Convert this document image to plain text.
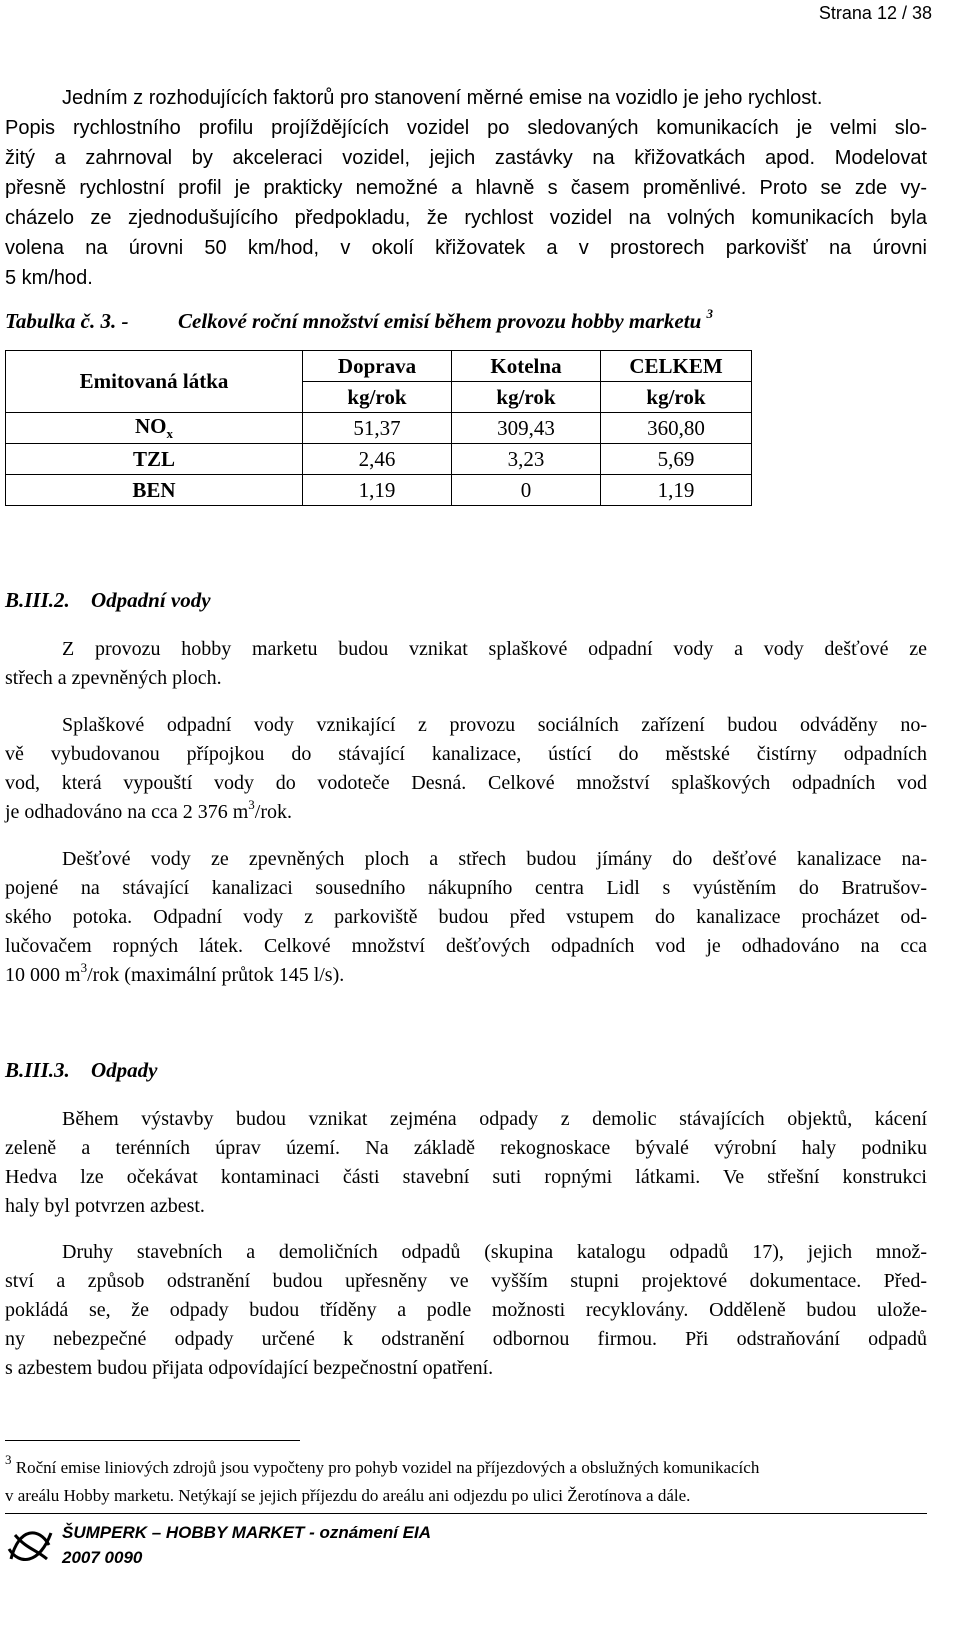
Strana 12 / 38
Jedním z rozhodujících faktorů pro stanovení měrné emise na vozidlo je jeho rychlost.
Popis rychlostního profilu projíždějících vozidel po sledovaných komunikacích je velmi slo-
žitý a zahrnoval by akceleraci vozidel, jejich zastávky na křižovatkách apod. Modelovat
přesně rychlostní profil je prakticky nemožné a hlavně s časem proměnlivé. Proto se zde vy-
cházelo ze zjednodušujícího předpokladu, že rychlost vozidel na volných komunikacích byla
volena na úrovni 50 km/hod, v okolí křižovatek a v prostorech parkovišť na úrovni
5 km/hod.
Tabulka č. 3. - Celkové roční množství emisí během provozu hobby marketu $^3$
Emitovaná látka	Doprava	Kotelna	CELKEM
	kg/rok	kg/rok	kg/rok
$NO_x$	51,37	309,43	360,80
TZL	2,46	3,23	5,69
BEN	1,19	0	1,19
B.III.2. Odpadní vody
Z provozu hobby marketu budou vznikat splaškové odpadní vody a vody dešťové ze
střech a zpevněných ploch.
Splaškové odpadní vody vznikající z provozu sociálních zařízení budou odváděny no-
vě vybudovanou přípojkou do stávající kanalizace, ústící do městské čistírny odpadních
vod, která vypouští vody do vodoteče Desná. Celkové množství splaškových odpadních vod
je odhadováno na cca 2 376 m$^3$/rok.
Dešťové vody ze zpevněných ploch a střech budou jímány do dešťové kanalizace na-
pojené na stávající kanalizaci sousedního nákupního centra Lidl s vyústěním do Bratrušov-
ského potoka. Odpadní vody z parkoviště budou před vstupem do kanalizace procházet od-
lučovačem ropných látek. Celkové množství dešťových odpadních vod je odhadováno na cca
10 000 m$^3$/rok (maximální průtok 145 l/s).
B.III.3. Odpady
Během výstavby budou vznikat zejména odpady z demolic stávajících objektů, kácení
zeleně a terénních úprav území. Na základě rekognoskace bývalé výrobní haly podniku
Hedva lze očekávat kontaminaci části stavební suti ropnými látkami. Ve střešní konstrukci
haly byl potvrzen azbest.
Druhy stavebních a demoličních odpadů (skupina katalogu odpadů 17), jejich množ-
ství a způsob odstranění budou upřesněny ve vyšším stupni projektové dokumentace. Před-
pokládá se, že odpady budou tříděny a podle možnosti recyklovány. Odděleně budou ulože-
ny nebezpečné odpady určené k odstranění odbornou firmou. Při odstraňování odpadů
s azbestem budou přijata odpovídající bezpečnostní opatření.
$^3$ Roční emise liniových zdrojů jsou vypočteny pro pohyb vozidel na příjezdových a obslužných komunikacích
v areálu Hobby marketu. Netýkají se jejich příjezdu do areálu ani odjezdu po ulici Žerotínova a dále.
ŠUMPERK – HOBBY MARKET - oznámení EIA
2007 0090
